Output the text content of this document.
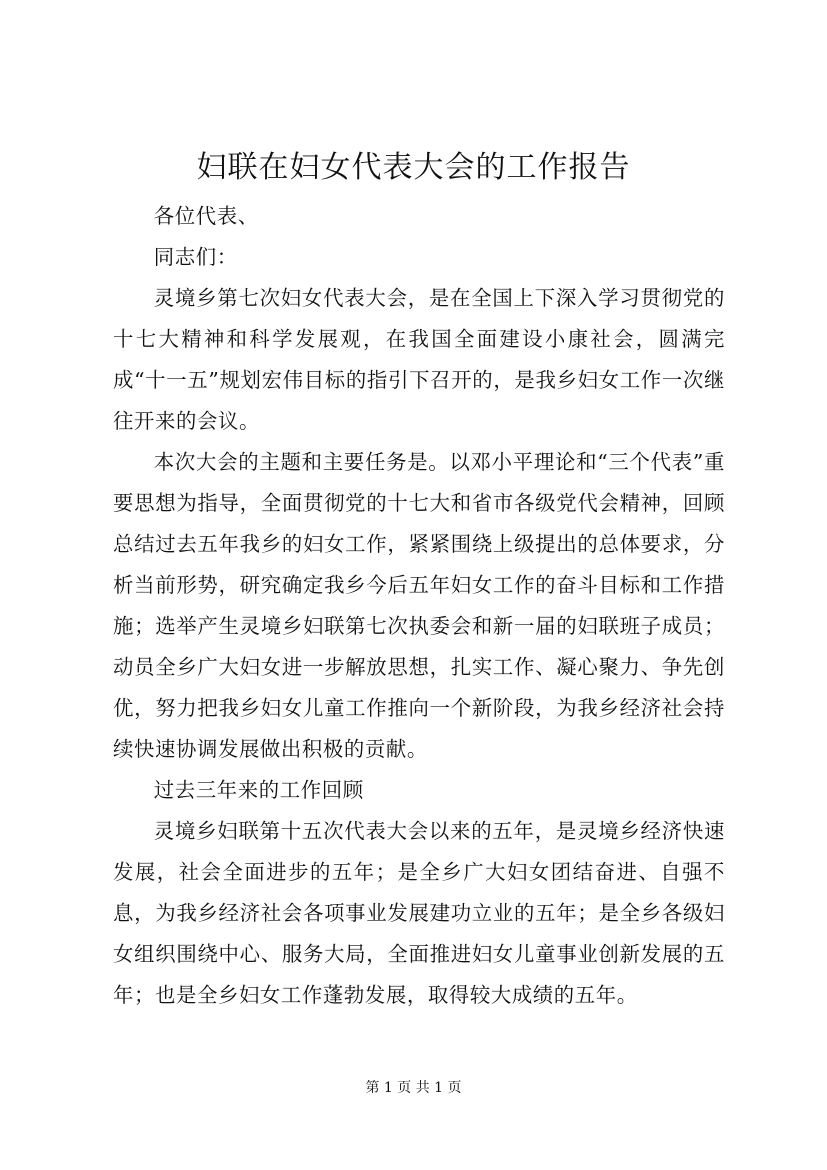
妇联在妇女代表大会的工作报告

各位代表、

同志们：

灵境乡第七次妇女代表大会，是在全国上下深入学习贯彻党的十七大精神和科学发展观，在我国全面建设小康社会，圆满完成“十一五”规划宏伟目标的指引下召开的，是我乡妇女工作一次继往开来的会议。

本次大会的主题和主要任务是。以邓小平理论和“三个代表”重要思想为指导，全面贯彻党的十七大和省市各级党代会精神，回顾总结过去五年我乡的妇女工作，紧紧围绕上级提出的总体要求，分析当前形势，研究确定我乡今后五年妇女工作的奋斗目标和工作措施；选举产生灵境乡妇联第七次执委会和新一届的妇联班子成员；动员全乡广大妇女进一步解放思想，扎实工作、凝心聚力、争先创优，努力把我乡妇女儿童工作推向一个新阶段，为我乡经济社会持续快速协调发展做出积极的贡献。

过去三年来的工作回顾

灵境乡妇联第十五次代表大会以来的五年，是灵境乡经济快速发展，社会全面进步的五年；是全乡广大妇女团结奋进、自强不息，为我乡经济社会各项事业发展建功立业的五年；是全乡各级妇女组织围绕中心、服务大局，全面推进妇女儿童事业创新发展的五年；也是全乡妇女工作蓬勃发展，取得较大成绩的五年。

第 1 页 共 1 页
